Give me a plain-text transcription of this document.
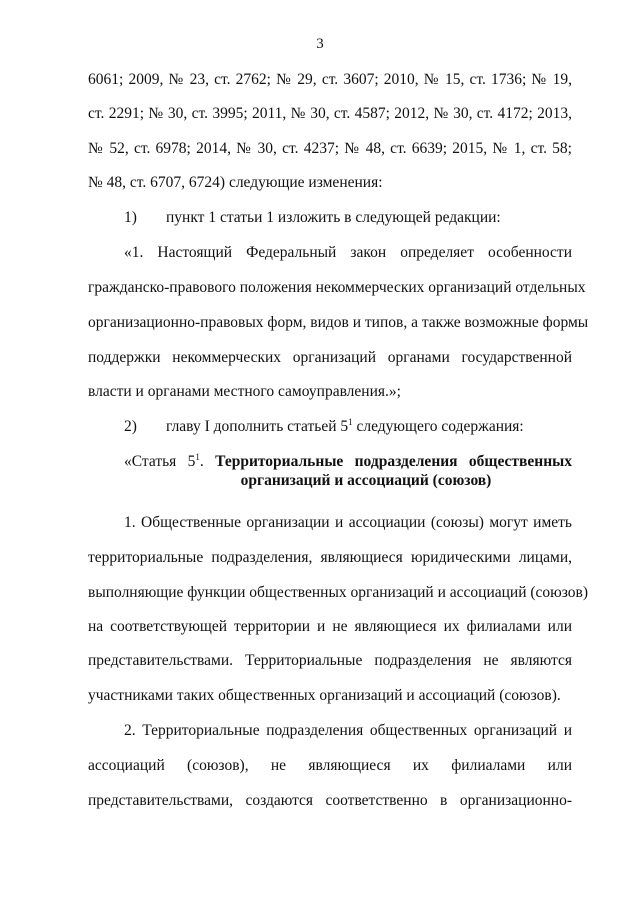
3
6061; 2009, № 23, ст. 2762; № 29, ст. 3607; 2010, № 15, ст. 1736; № 19,
ст. 2291; № 30, ст. 3995; 2011, № 30, ст. 4587; 2012, № 30, ст. 4172; 2013,
№ 52, ст. 6978; 2014, № 30, ст. 4237; № 48, ст. 6639; 2015, № 1, ст. 58;
№ 48, ст. 6707, 6724) следующие изменения:
1) пункт 1 статьи 1 изложить в следующей редакции:
«1. Настоящий Федеральный закон определяет особенности
гражданско-правового положения некоммерческих организаций отдельных
организационно-правовых форм, видов и типов, а также возможные формы
поддержки некоммерческих организаций органами государственной
власти и органами местного самоуправления.»;
2) главу I дополнить статьей $5^1$ следующего содержания:
«Статья $5^1$. Территориальные подразделения общественных
организаций и ассоциаций (союзов)
1. Общественные организации и ассоциации (союзы) могут иметь
территориальные подразделения, являющиеся юридическими лицами,
выполняющие функции общественных организаций и ассоциаций (союзов)
на соответствующей территории и не являющиеся их филиалами или
представительствами. Территориальные подразделения не являются
участниками таких общественных организаций и ассоциаций (союзов).
2. Территориальные подразделения общественных организаций и
ассоциаций (союзов), не являющиеся их филиалами или
представительствами, создаются соответственно в организационно-
